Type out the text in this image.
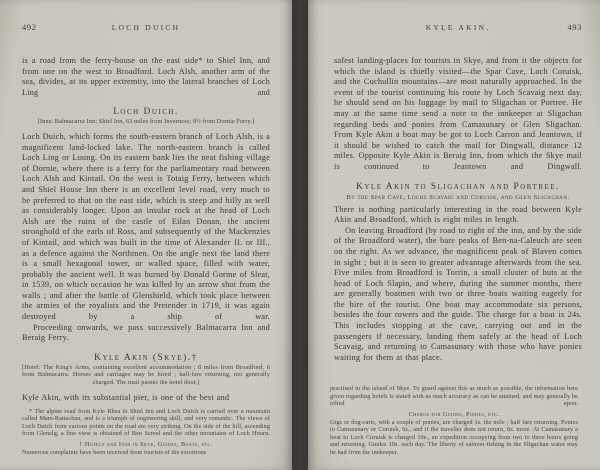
492	LOCH DUICH

is a road from the ferry-house on the east side* to Shiel Inn, and from one on the west to Broadford. Loch Alsh, another arm of the sea, divides, at its upper extremity, into the lateral branches of Loch Ling and

Loch Duich.

[Inns: Balmacarra Inn; Shiel Inn, 63 miles from Inverness; 9½ from Dornie Ferry.]

Loch Duich, which forms the south-eastern branch of Loch Alsh, is a magnificent land-locked lake. The north-eastern branch is called Loch Ling or Loung. On its eastern bank lies the neat fishing village of Dornie, where there is a ferry for the parliamentary road between Loch Alsh and Kintail. On the west is Totaig Ferry, between which and Shiel House Inn there is an excellent level road, very much to be preferred to that on the east side, which is steep and hilly as well as considerably longer. Upon an insular rock at the head of Loch Alsh are the ruins of the castle of Eilan Donan, the ancient stronghold of the earls of Ross, and subsequently of the Mackenzies of Kintail, and which was built in the time of Alexander II. or III., as a defence against the Northmen. On the angle next the land there is a small hexagonal tower, or walled space, filled with water, probably the ancient well. It was burned by Donald Gorme of Sleat, in 1539, on which occasion he was killed by an arrow shot from the walls ; and after the battle of Glenshield, which took place between the armies of the royalists and the Pretender in 1719, it was again destroyed by a ship of war.

Proceeding onwards, we pass successively Balmacarra Inn and Beraig Ferry.

Kyle Akin (Skye).†

[Hotel: The King's Arms, containing excellent accommodation ; 8 miles from Broadford, 6 from Balmacarra. Horses and carriages may be hired ; half-fare returning, not generally charged. The mail passes the hotel door.]

Kyle Akin, with its substantial pier, is one of the best and

* The alpine road from Kyle Rhea to Shiel Inn and Loch Duich is carried over a mountain called Mam-Rattachan, and is a triumph of engineering skill, and very romantic. The views of Loch Duich from various points on the road are very striking. On the side of the hill, ascending from Glenelg, a fine view is obtained of Ben Screel and the other mountains of Loch Hourn.

† Hotels and Inns in Skye, Guides, Boats, etc.

Numerous complaints have been received from tourists of the extortions

KYLE AKIN.	493

safest landing-places for tourists in Skye, and from it the objects for which the island is chiefly visited—the Spar Cave, Loch Coruisk, and the Cuchullin mountains—are most naturally approached. In the event of the tourist continuing his route by Loch Scavaig next day, he should send on his luggage by mail to Sligachan or Portree. He may at the same time send a note to the innkeeper at Sligachan regarding beds and ponies from Camasunary or Glen Sligachan. From Kyle Akin a boat may be got to Loch Carron and Jeantown, if it should be wished to catch the mail for Dingwall, distance 12 miles. Opposite Kyle Akin is Beraig Inn, from which the Skye mail is continued to Jeantown and Dingwall.

Kyle Akin to Sligachan and Portree.
By the Spar Cave, Lochs Scavaig and Coruisk, and Glen Sligachan.

There is nothing particularly interesting in the road between Kyle Akin and Broadford, which is eight miles in length.

On leaving Broadford (by road to right of the inn, and by the side of the Broadford water), the bare peaks of Ben-na-Caleuch are seen on the right. As we advance, the magnificent peak of Blaven comes in sight ; but it is seen to greater advantage afterwards from the sea. Five miles from Broadford is Torrin, a small cluster of huts at the head of Loch Slapin, and where, during the summer months, there are generally boatmen with two or three boats waiting eagerly for the hire of the tourist. One boat may accommodate six persons, besides the four rowers and the guide. The charge for a boat is 24s. This includes stopping at the cave, carrying out and in the passengers if necessary, landing them safely at the head of Loch Scavaig, and returning to Camasunary with those who have ponies waiting for them at that place.

practised in the island of Skye. To guard against this as much as possible, the information here given regarding hotels is stated with as much accuracy as can be attained, and may generally be relied upon.

Charge for Guides, Ponies, etc.

Gigs or dog-carts, with a couple of ponies, are charged 1s. the mile ; half fare returning. Ponies to Camasunary or Coruisk, 6s., and if the traveller does not return, 8s. more. At Camasunary a boat to Loch Coruisk is charged 10s., an expedition occupying from two to three hours going and returning. Guides 10s. each day. The liberty of salmon-fishing in the Sligachan water may be had from the innkeeper.
